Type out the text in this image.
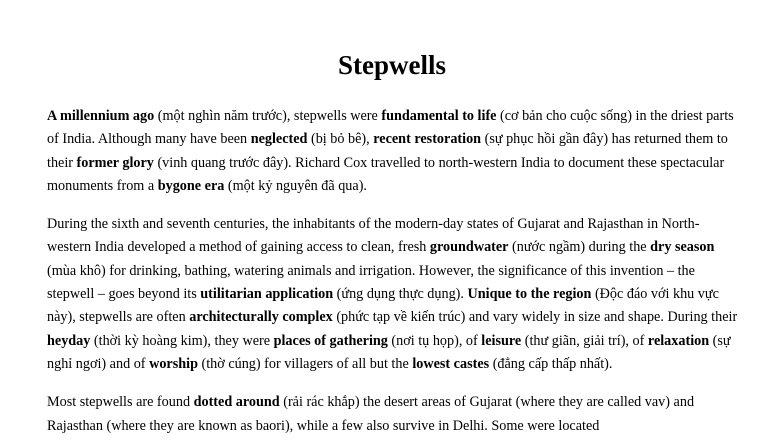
Stepwells

A millennium ago (một nghìn năm trước), stepwells were fundamental to life (cơ bản cho cuộc sống) in the driest parts of India. Although many have been neglected (bị bỏ bê), recent restoration (sự phục hồi gần đây) has returned them to their former glory (vinh quang trước đây). Richard Cox travelled to north-western India to document these spectacular monuments from a bygone era (một kỷ nguyên đã qua).

During the sixth and seventh centuries, the inhabitants of the modern-day states of Gujarat and Rajasthan in North-western India developed a method of gaining access to clean, fresh groundwater (nước ngầm) during the dry season (mùa khô) for drinking, bathing, watering animals and irrigation. However, the significance of this invention – the stepwell – goes beyond its utilitarian application (ứng dụng thực dụng). Unique to the region (Độc đáo với khu vực này), stepwells are often architecturally complex (phức tạp về kiến trúc) and vary widely in size and shape. During their heyday (thời kỳ hoàng kim), they were places of gathering (nơi tụ họp), of leisure (thư giãn, giải trí), of relaxation (sự nghỉ ngơi) and of worship (thờ cúng) for villagers of all but the lowest castes (đẳng cấp thấp nhất).

Most stepwells are found dotted around (rải rác khắp) the desert areas of Gujarat (where they are called vav) and Rajasthan (where they are known as baori), while a few also survive in Delhi. Some were located
